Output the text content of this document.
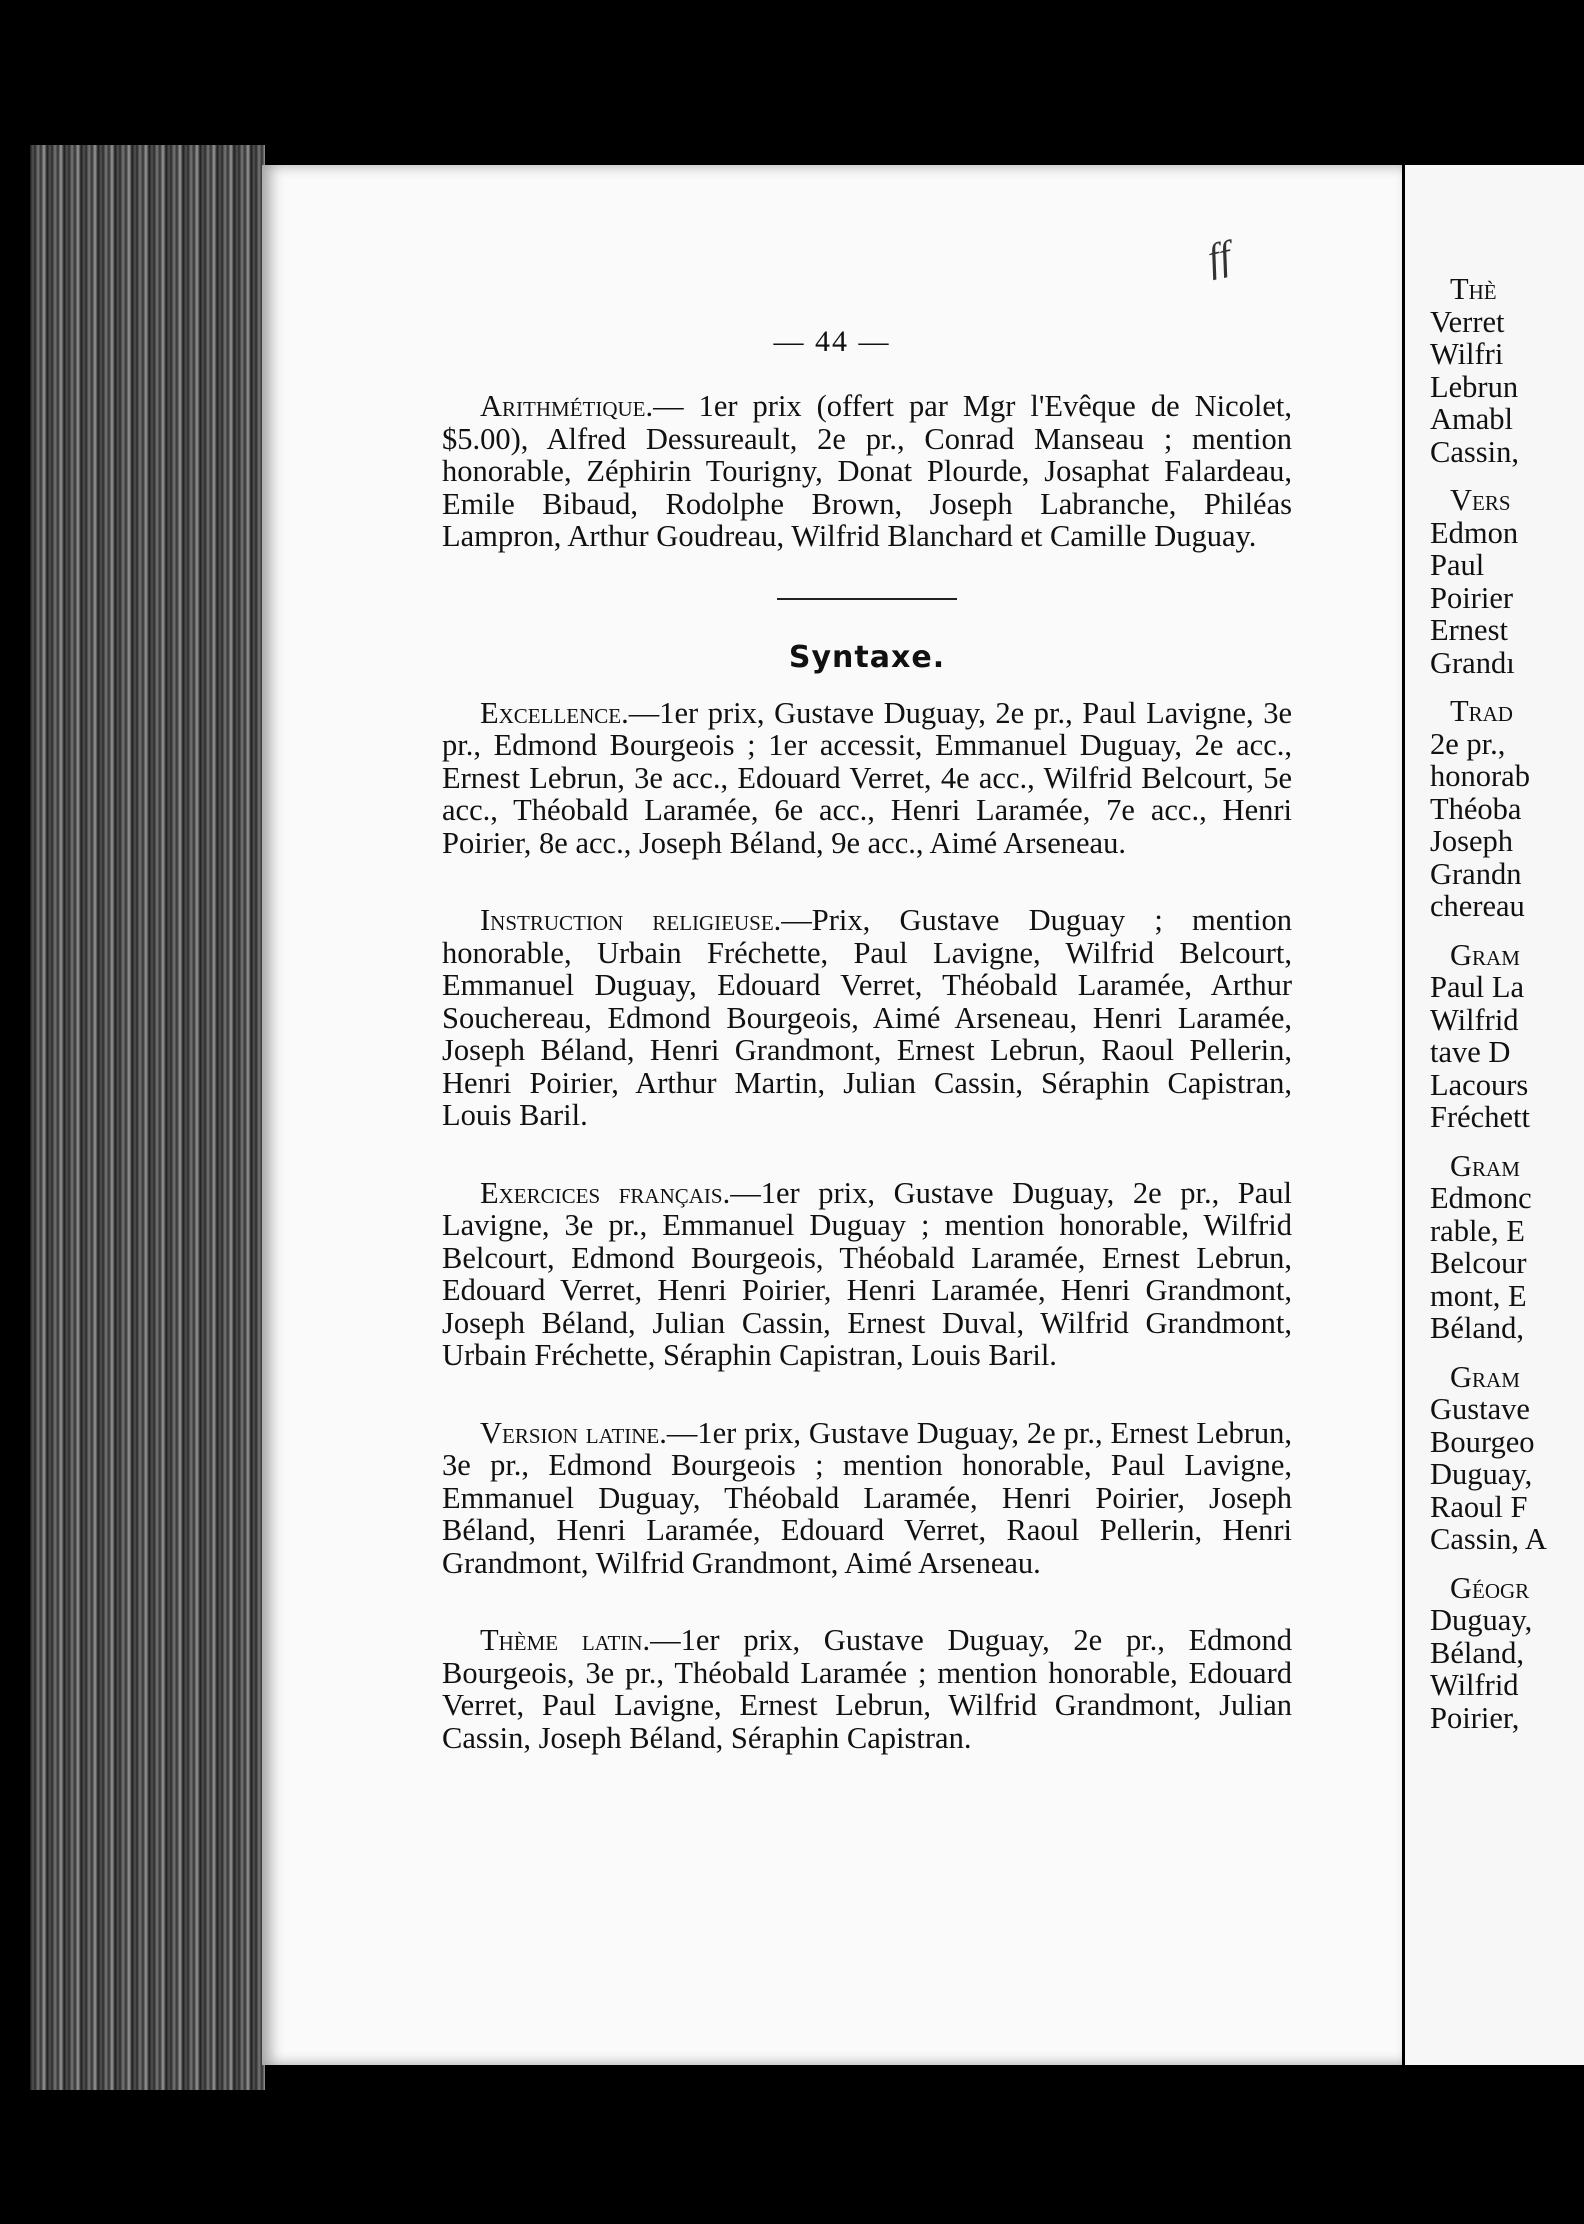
ff
— 44 —

Arithmétique.— 1er prix (offert par Mgr l'Evêque de Nicolet, $5.00), Alfred Dessureault, 2e pr., Conrad Manseau ; mention honorable, Zéphirin Tourigny, Donat Plourde, Josaphat Falardeau, Emile Bibaud, Rodolphe Brown, Joseph Labranche, Philéas Lampron, Arthur Goudreau, Wilfrid Blanchard et Camille Duguay.

Syntaxe.

Excellence.—1er prix, Gustave Duguay, 2e pr., Paul Lavigne, 3e pr., Edmond Bourgeois ; 1er accessit, Emmanuel Duguay, 2e acc., Ernest Lebrun, 3e acc., Edouard Verret, 4e acc., Wilfrid Belcourt, 5e acc., Théobald Laramée, 6e acc., Henri Laramée, 7e acc., Henri Poirier, 8e acc., Joseph Béland, 9e acc., Aimé Arseneau.

Instruction religieuse.—Prix, Gustave Duguay ; mention honorable, Urbain Fréchette, Paul Lavigne, Wilfrid Belcourt, Emmanuel Duguay, Edouard Verret, Théobald Laramée, Arthur Souchereau, Edmond Bourgeois, Aimé Arseneau, Henri Laramée, Joseph Béland, Henri Grandmont, Ernest Lebrun, Raoul Pellerin, Henri Poirier, Arthur Martin, Julian Cassin, Séraphin Capistran, Louis Baril.

Exercices français.—1er prix, Gustave Duguay, 2e pr., Paul Lavigne, 3e pr., Emmanuel Duguay ; mention honorable, Wilfrid Belcourt, Edmond Bourgeois, Théobald Laramée, Ernest Lebrun, Edouard Verret, Henri Poirier, Henri Laramée, Henri Grandmont, Joseph Béland, Julian Cassin, Ernest Duval, Wilfrid Grandmont, Urbain Fréchette, Séraphin Capistran, Louis Baril.

Version latine.—1er prix, Gustave Duguay, 2e pr., Ernest Lebrun, 3e pr., Edmond Bourgeois ; mention honorable, Paul Lavigne, Emmanuel Duguay, Théobald Laramée, Henri Poirier, Joseph Béland, Henri Laramée, Edouard Verret, Raoul Pellerin, Henri Grandmont, Wilfrid Grandmont, Aimé Arseneau.

Thème latin.—1er prix, Gustave Duguay, 2e pr., Edmond Bourgeois, 3e pr., Théobald Laramée ; mention honorable, Edouard Verret, Paul Lavigne, Ernest Lebrun, Wilfrid Grandmont, Julian Cassin, Joseph Béland, Séraphin Capistran.

Thè
Verret
Wilfri
Lebrun
Amabl
Cassin,
Vers
Edmon
Paul
Poirier
Ernest
Grandı
Trad
2e pr.,
honorab
Théoba
Joseph
Grandn
chereau
Gram
Paul La
Wilfrid
tave D
Lacours
Fréchett
Gram
Edmonc
rable, E
Belcour
mont, E
Béland,
Gram
Gustave
Bourgeo
Duguay,
Raoul F
Cassin, A
Géogr
Duguay,
Béland,
Wilfrid
Poirier,
